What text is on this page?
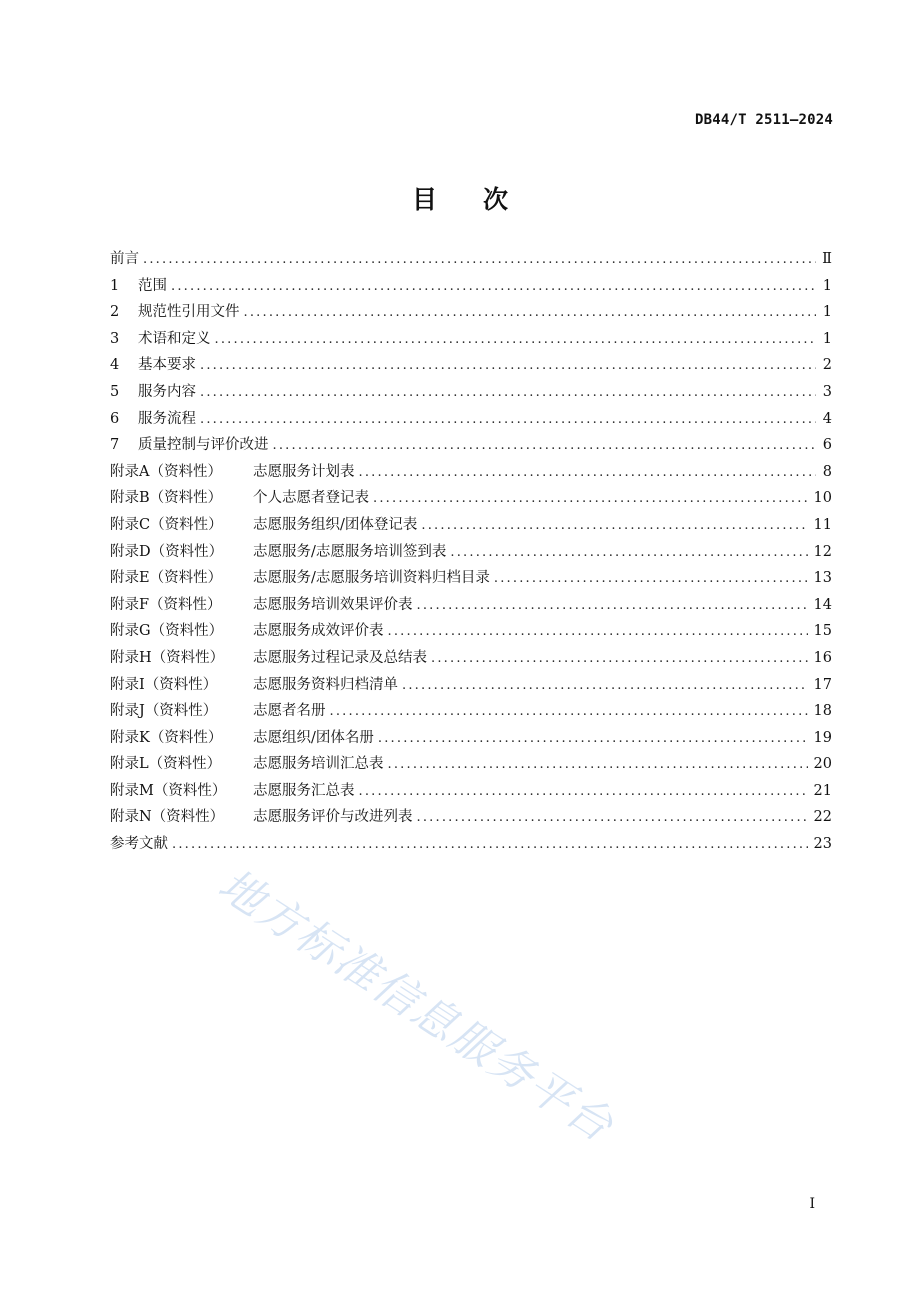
DB44/T 2511—2024
目 次
前言 .....	Ⅱ
1	范围 .....	1
2	规范性引用文件 .....	1
3	术语和定义 .....	1
4	基本要求 .....	2
5	服务内容 .....	3
6	服务流程 .....	4
7	质量控制与评价改进 .....	6
附录A（资料性）	志愿服务计划表 .....	8
附录B（资料性）	个人志愿者登记表 .....	10
附录C（资料性）	志愿服务组织/团体登记表 .....	11
附录D（资料性）	志愿服务/志愿服务培训签到表 .....	12
附录E（资料性）	志愿服务/志愿服务培训资料归档目录 .....	13
附录F（资料性）	志愿服务培训效果评价表 .....	14
附录G（资料性）	志愿服务成效评价表 .....	15
附录H（资料性）	志愿服务过程记录及总结表 .....	16
附录I（资料性）	志愿服务资料归档清单 .....	17
附录J（资料性）	志愿者名册 .....	18
附录K（资料性）	志愿组织/团体名册 .....	19
附录L（资料性）	志愿服务培训汇总表 .....	20
附录M（资料性）	志愿服务汇总表 .....	21
附录N（资料性）	志愿服务评价与改进列表 .....	22
参考文献 .....	23
地方标准信息服务平台
I
